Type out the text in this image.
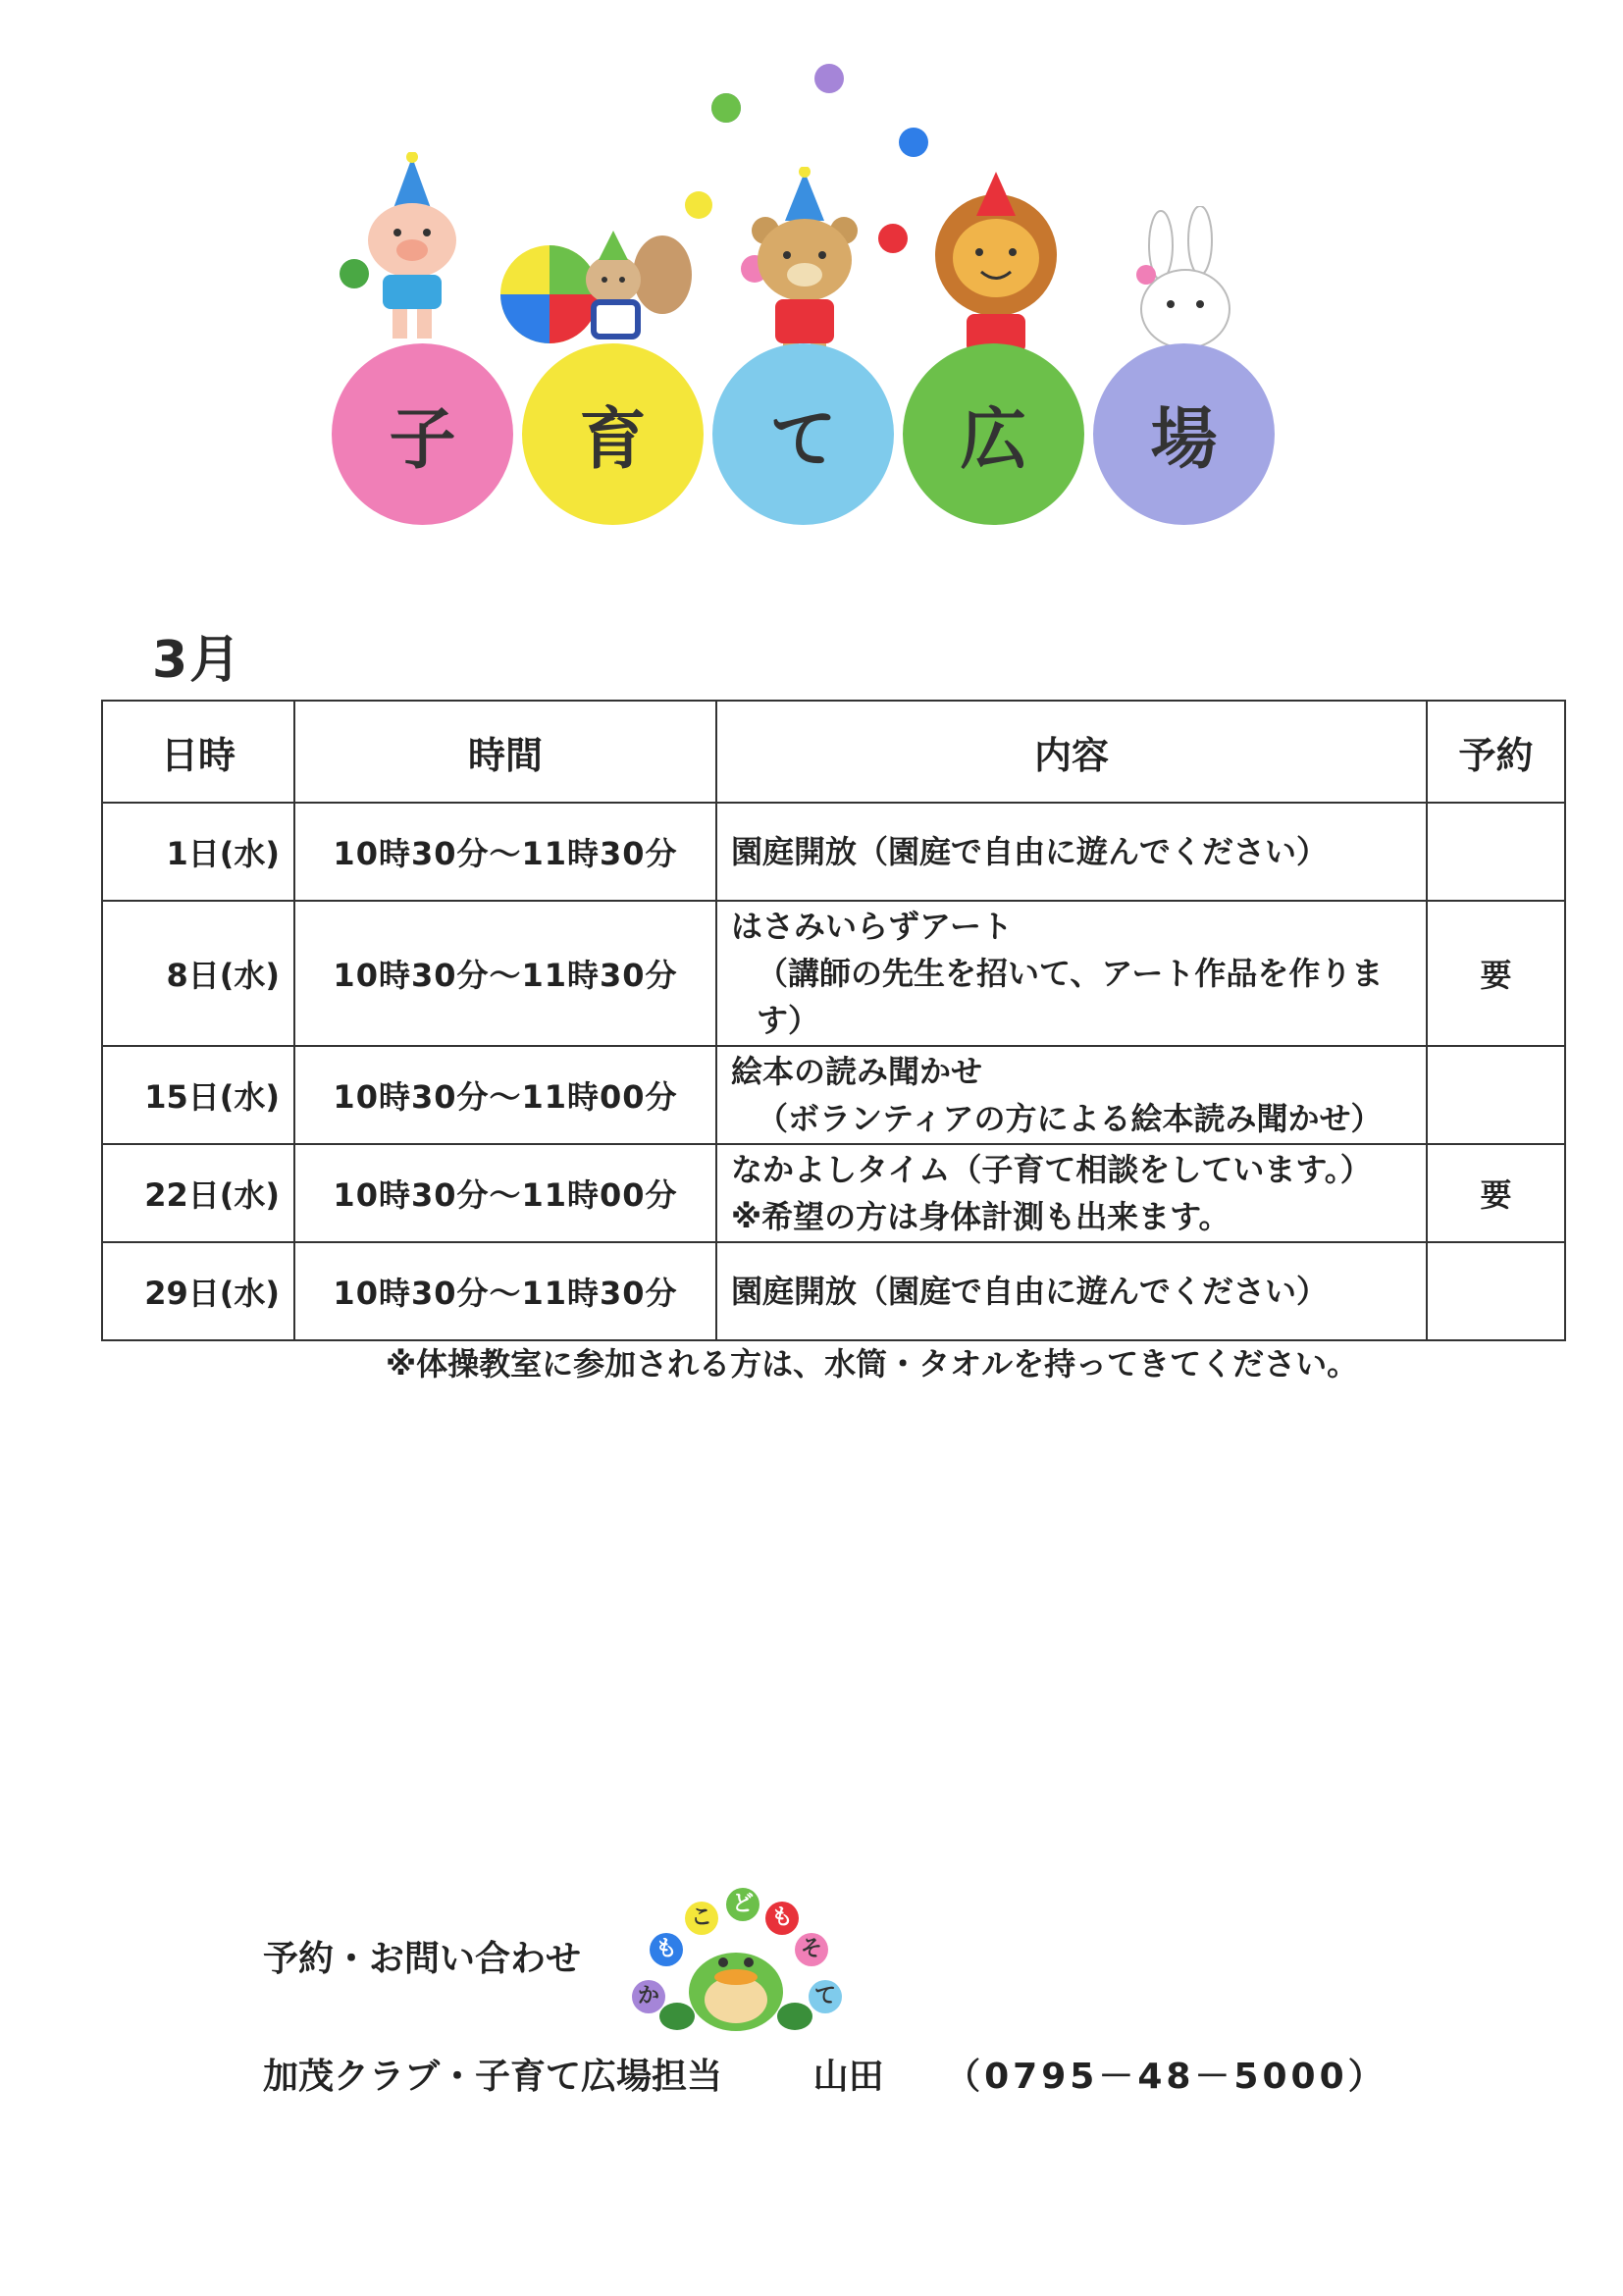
子	育	て	広	場
3月
日時	時間	内容	予約
1日(水)	10時30分～11時30分	園庭開放（園庭で自由に遊んでください）	
8日(水)	10時30分～11時30分	はさみいらずアート
（講師の先生を招いて、アート作品を作ります）	要
15日(水)	10時30分～11時00分	絵本の読み聞かせ
（ボランティアの方による絵本読み聞かせ）	

22日(水)	10時30分～11時00分	なかよしタイム（子育て相談をしています。）
※希望の方は身体計測も出来ます。	要
29日(水)	10時30分～11時30分	園庭開放（園庭で自由に遊んでください）	
※体操教室に参加される方は、水筒・タオルを持ってきてください。
予約・お問い合わせ
か
も
こ
ど
も
そ
て
加茂クラブ・子育て広場担当	山田 （0795－48－5000）
